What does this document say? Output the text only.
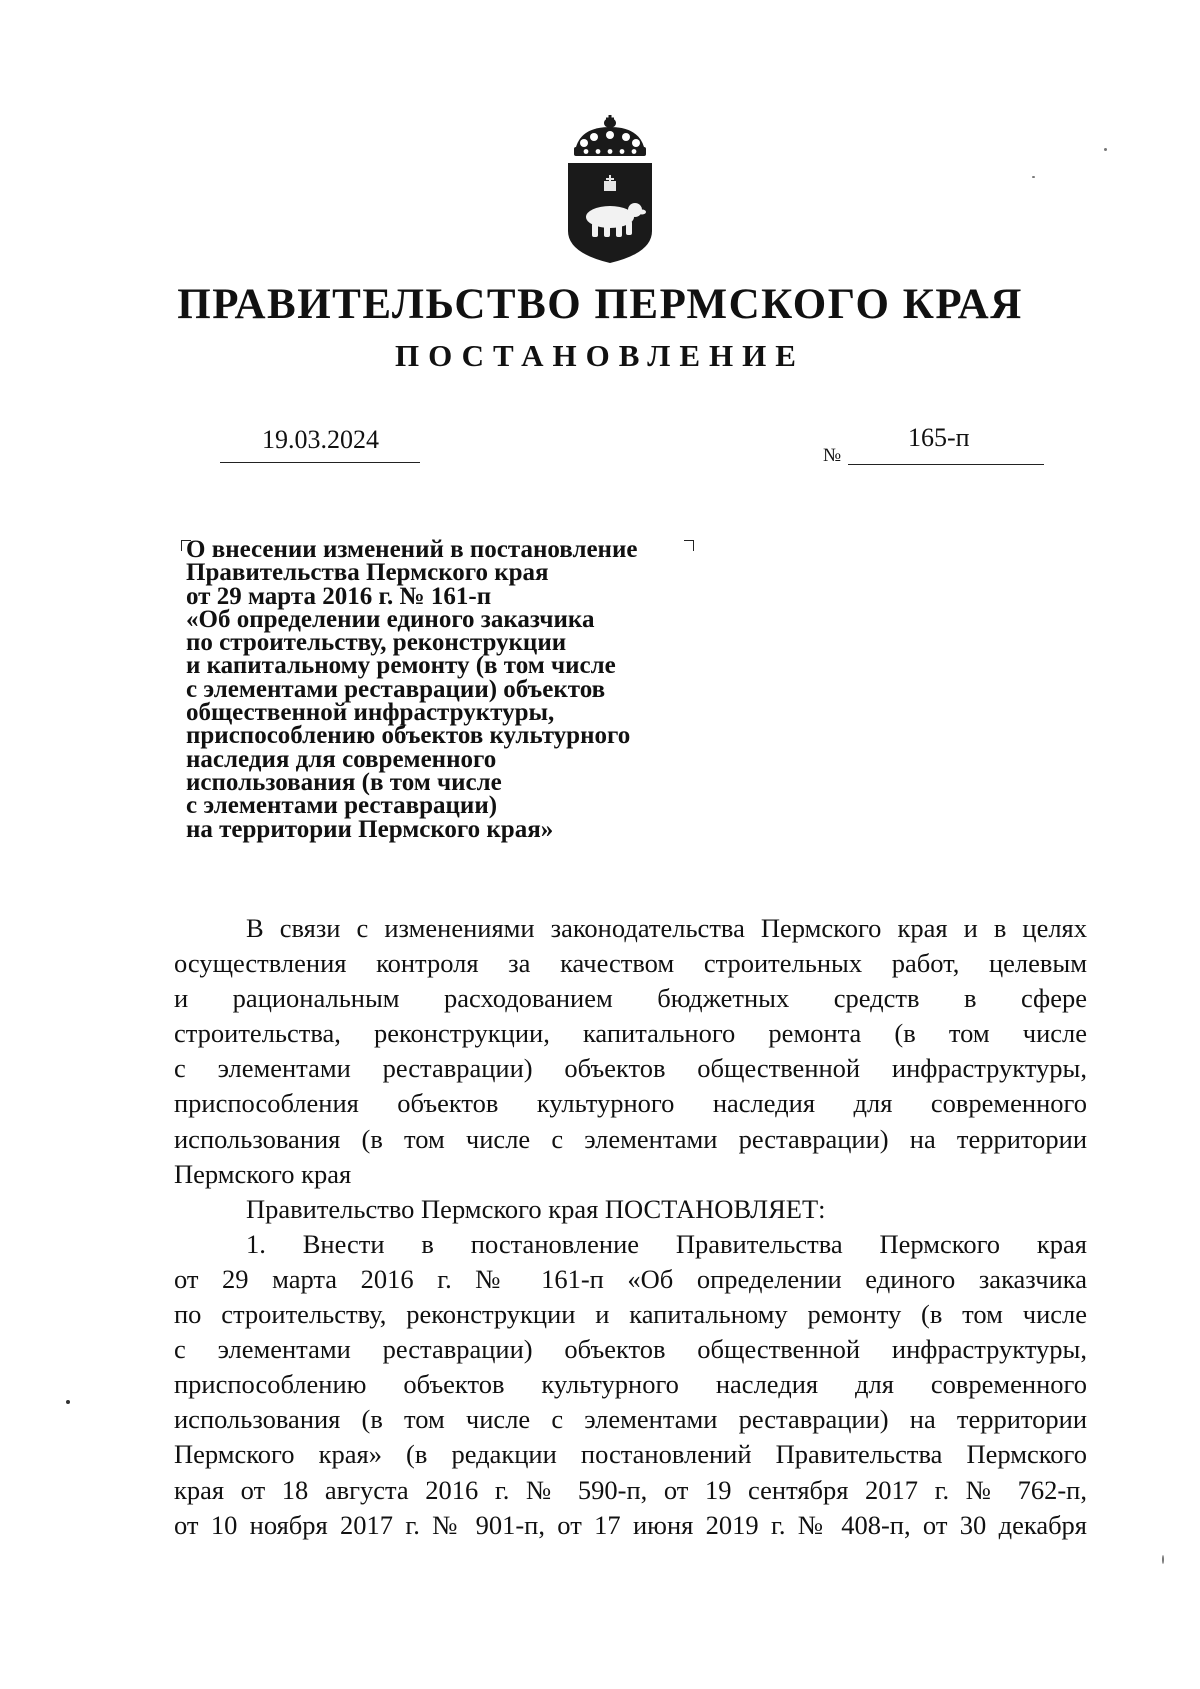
ПРАВИТЕЛЬСТВО ПЕРМСКОГО КРАЯ
ПОСТАНОВЛЕНИЕ
19.03.2024
№
165-п
О внесении изменений в постановление
Правительства Пермского края
от 29 марта 2016 г. № 161-п
«Об определении единого заказчика
по строительству, реконструкции
и капитальному ремонту (в том числе
с элементами реставрации) объектов
общественной инфраструктуры,
приспособлению объектов культурного
наследия для современного
использования (в том числе
с элементами реставрации)
на территории Пермского края»
В связи с изменениями законодательства Пермского края и в целях
осуществления контроля за качеством строительных работ, целевым
и рациональным расходованием бюджетных средств в сфере
строительства, реконструкции, капитального ремонта (в том числе
с элементами реставрации) объектов общественной инфраструктуры,
приспособления объектов культурного наследия для современного
использования (в том числе с элементами реставрации) на территории
Пермского края
Правительство Пермского края ПОСТАНОВЛЯЕТ:
1. Внести в постановление Правительства Пермского края
от 29 марта 2016 г. № 161-п «Об определении единого заказчика
по строительству, реконструкции и капитальному ремонту (в том числе
с элементами реставрации) объектов общественной инфраструктуры,
приспособлению объектов культурного наследия для современного
использования (в том числе с элементами реставрации) на территории
Пермского края» (в редакции постановлений Правительства Пермского
края от 18 августа 2016 г. № 590-п, от 19 сентября 2017 г. № 762-п,
от 10 ноября 2017 г. № 901-п, от 17 июня 2019 г. № 408-п, от 30 декабря
